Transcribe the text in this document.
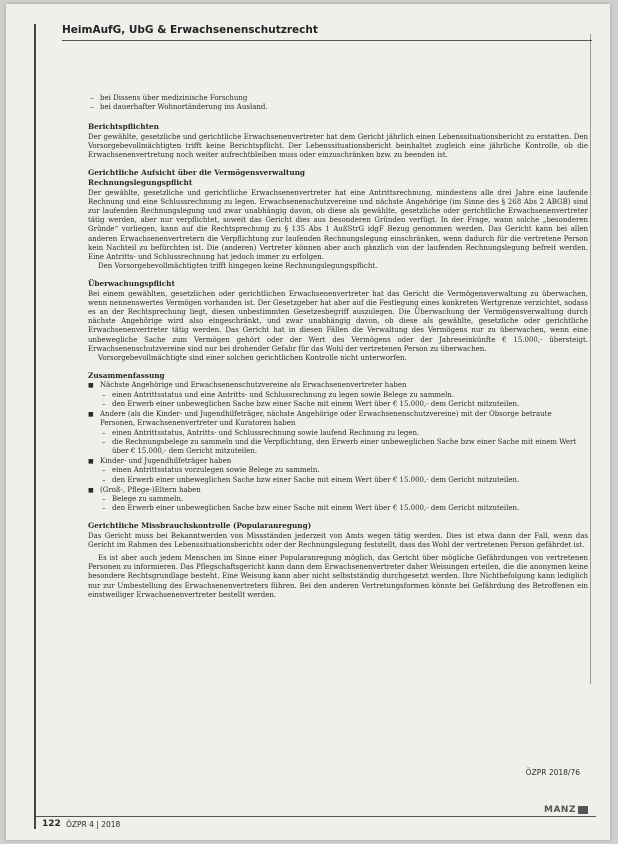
HeimAufG, UbG & Erwachsenenschutzrecht
– bei Dissens über medizinische Forschung
– bei dauerhafter Wohnortänderung ins Ausland.
Berichtspflichten

Der gewählte, gesetzliche und gerichtliche Erwachsenenvertreter hat dem Gericht jährlich einen Lebenssituationsbericht zu erstatten. Den Vorsorgebevollmächtigten trifft keine Berichtspflicht. Der Lebenssituationsbericht beinhaltet zugleich eine jährliche Kontrolle, ob die Erwachsenenvertretung noch weiter aufrechtbleiben muss oder einzuschränken bzw. zu beenden ist.

Gerichtliche Aufsicht über die Vermögensverwaltung
Rechnungslegungspflicht

Der gewählte, gesetzliche und gerichtliche Erwachsenenvertreter hat eine Antrittsrechnung, mindestens alle drei Jahre eine laufende Rechnung und eine Schlussrechnung zu legen. Erwachsenenschutzvereine und nächste Angehörige (im Sinne des § 268 Abs 2 ABGB) sind zur laufenden Rechnungslegung und zwar unabhängig davon, ob diese als gewählte, gesetzliche oder gerichtliche Erwachsenenvertreter tätig werden, aber nur verpflichtet, soweit das Gericht dies aus besonderen Gründen verfügt. In der Frage, wann solche „besonderen Gründe“ vorliegen, kann auf die Rechtsprechung zu § 135 Abs 1 AußStrG idgF Bezug genommen werden. Das Gericht kann bei allen anderen Erwachsenenvertretern die Verpflichtung zur laufenden Rechnungslegung einschränken, wenn dadurch für die vertretene Person kein Nachteil zu befürchten ist. Die (anderen) Vertreter können aber auch gänzlich von der laufenden Rechnungslegung befreit werden. Eine Antritts- und Schlussrechnung hat jedoch immer zu erfolgen.

Den Vorsorgebevollmächtigten trifft hingegen keine Rechnungslegungspflicht.

Überwachungspflicht

Bei einem gewählten, gesetzlichen oder gerichtlichen Erwachsenenvertreter hat das Gericht die Vermögensverwaltung zu überwachen, wenn nennenswertes Vermögen vorhanden ist. Der Gesetzgeber hat aber auf die Festlegung eines konkreten Wertgrenze verzichtet, sodass es an der Rechtsprechung liegt, diesen unbestimmten Gesetzesbegriff auszulegen. Die Überwachung der Vermögensverwaltung durch nächste Angehörige wird also eingeschränkt, und zwar unabhängig davon, ob diese als gewählte, gesetzliche oder gerichtliche Erwachsenenvertreter tätig werden. Das Gericht hat in diesen Fällen die Verwaltung des Vermögens nur zu überwachen, wenn eine unbewegliche Sache zum Vermögen gehört oder der Wert des Vermögens oder der Jahreseinkünfte € 15.000,- übersteigt. Erwachsenenschutzvereine sind nur bei drohender Gefahr für das Wohl der vertretenen Person zu überwachen.

Vorsorgebevollmächtigte sind einer solchen gerichtlichen Kontrolle nicht unterworfen.

Zusammenfassung
■ Nächste Angehörige und Erwachsenenschutzvereine als Erwachsenenvertreter haben
– einen Antrittsstatus und eine Antritts- und Schlussrechnung zu legen sowie Belege zu sammeln.
– den Erwerb einer unbeweglichen Sache bzw einer Sache mit einem Wert über € 15.000,- dem Gericht mitzuteilen.
■ Andere (als die Kinder- und Jugendhilfeträger, nächste Angehörige oder Erwachsenenschutzvereine) mit der Obsorge betraute Personen, Erwachsenenvertreter und Kuratoren haben
– einen Antrittsstatus, Antritts- und Schlussrechnung sowie laufend Rechnung zu legen.
– die Rechnungsbelege zu sammeln und die Verpflichtung, den Erwerb einer unbeweglichen Sache bzw einer Sache mit einem Wert über € 15.000,- dem Gericht mitzuteilen.
■ Kinder- und Jugendhilfeträger haben
– einen Antrittsstatus vorzulegen sowie Belege zu sammeln.
– den Erwerb einer unbeweglichen Sache bzw einer Sache mit einem Wert über € 15.000,- dem Gericht mitzuteilen.
■ (Groß-, Pflege-)Eltern haben
– Belege zu sammeln.
– den Erwerb einer unbeweglichen Sache bzw einer Sache mit einem Wert über € 15.000,- dem Gericht mitzuteilen.
Gerichtliche Missbrauchskontrolle (Popularanregung)

Das Gericht muss bei Bekanntwerden von Missständen jederzeit von Amts wegen tätig werden. Dies ist etwa dann der Fall, wenn das Gericht im Rahmen des Lebenssituationsberichts oder der Rechnungslegung feststellt, dass das Wohl der vertretenen Person gefährdet ist.

Es ist aber auch jedem Menschen im Sinne einer Popularanregung möglich, das Gericht über mögliche Gefährdungen von vertretenen Personen zu informieren. Das Pflegschaftsgericht kann dann dem Erwachsenenvertreter daher Weisungen erteilen, die die anonymen keine besondere Rechtsgrundlage besteht. Eine Weisung kann aber nicht selbstständig durchgesetzt werden. Ihre Nichtbefolgung kann lediglich nur zur Umbestellung des Erwachsenenvertreters führen. Bei den anderen Vertretungsformen könnte bei Gefährdung des Betroffenen ein einstweiliger Erwachsenenvertreter bestellt werden.

ÖZPR 2018/76
122 ÖZPR 4 | 2018
MANZ
